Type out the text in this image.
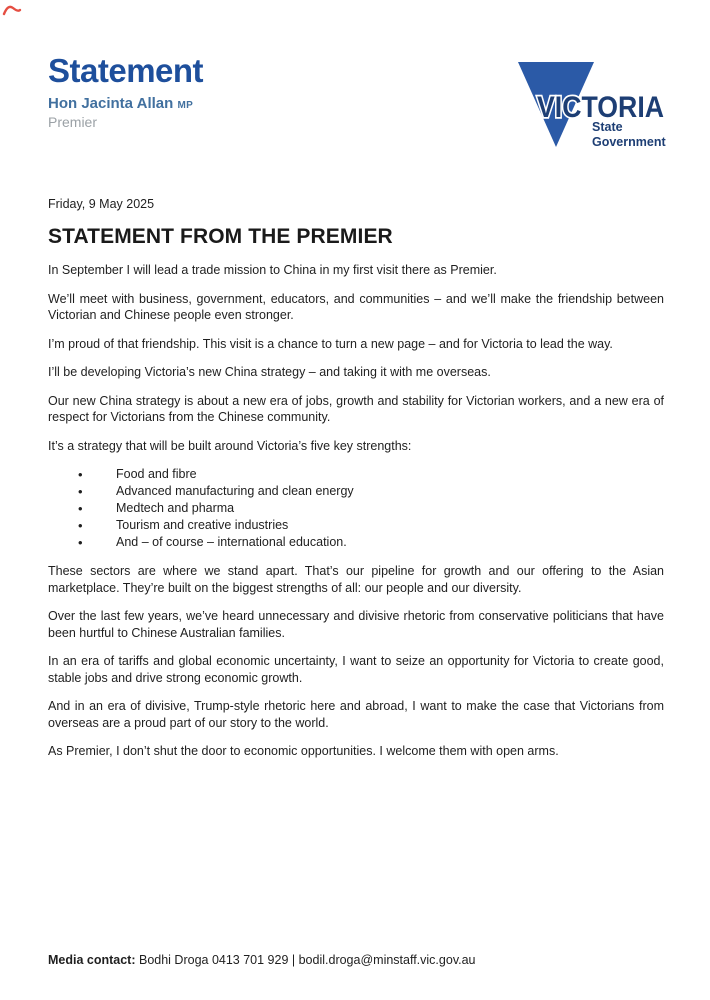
Statement
Hon Jacinta Allan MP
Premier	VICTORIA
State
Government

Friday, 9 May 2025

STATEMENT FROM THE PREMIER

In September I will lead a trade mission to China in my first visit there as Premier.

We’ll meet with business, government, educators, and communities – and we’ll make the friendship between Victorian and Chinese people even stronger.

I’m proud of that friendship. This visit is a chance to turn a new page – and for Victoria to lead the way.

I’ll be developing Victoria’s new China strategy – and taking it with me overseas.

Our new China strategy is about a new era of jobs, growth and stability for Victorian workers, and a new era of respect for Victorians from the Chinese community.

It’s a strategy that will be built around Victoria’s five key strengths:

• Food and fibre
• Advanced manufacturing and clean energy
• Medtech and pharma
• Tourism and creative industries
• And – of course – international education.

These sectors are where we stand apart. That’s our pipeline for growth and our offering to the Asian marketplace. They’re built on the biggest strengths of all: our people and our diversity.

Over the last few years, we’ve heard unnecessary and divisive rhetoric from conservative politicians that have been hurtful to Chinese Australian families.

In an era of tariffs and global economic uncertainty, I want to seize an opportunity for Victoria to create good, stable jobs and drive strong economic growth.

And in an era of divisive, Trump-style rhetoric here and abroad, I want to make the case that Victorians from overseas are a proud part of our story to the world.

As Premier, I don’t shut the door to economic opportunities. I welcome them with open arms.

Media contact: Bodhi Droga 0413 701 929 | bodil.droga@minstaff.vic.gov.au
